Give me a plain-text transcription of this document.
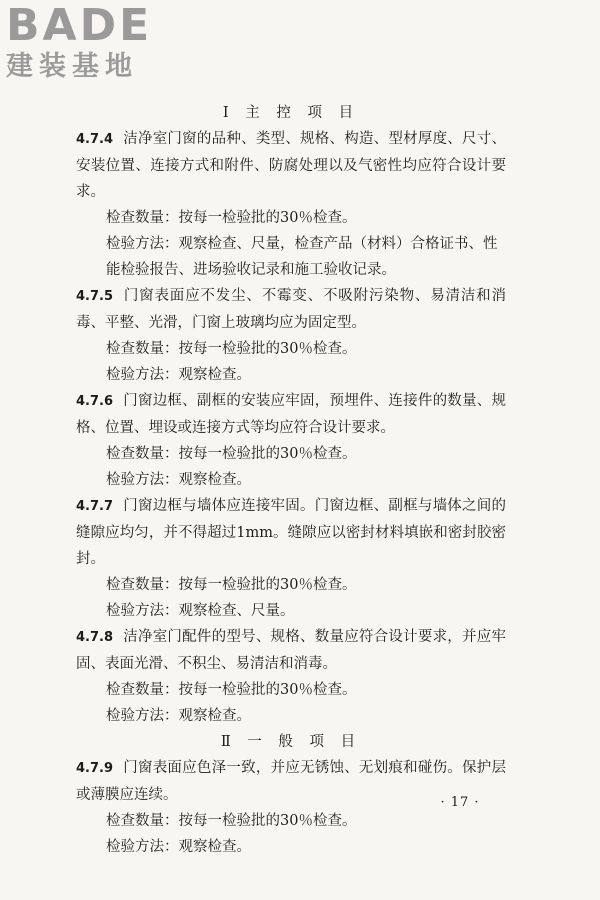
BADE
建装基地
Ⅰ 主 控 项 目

4.7.4 洁净室门窗的品种、类型、规格、构造、型材厚度、尺寸、安装位置、连接方式和附件、防腐处理以及气密性均应符合设计要求。

检查数量：按每一检验批的30％检查。

检验方法：观察检查、尺量，检查产品（材料）合格证书、性能检验报告、进场验收记录和施工验收记录。

4.7.5 门窗表面应不发尘、不霉变、不吸附污染物、易清洁和消毒、平整、光滑，门窗上玻璃均应为固定型。

检查数量：按每一检验批的30％检查。

检验方法：观察检查。

4.7.6 门窗边框、副框的安装应牢固，预埋件、连接件的数量、规格、位置、埋设或连接方式等均应符合设计要求。

检查数量：按每一检验批的30％检查。

检验方法：观察检查。

4.7.7 门窗边框与墙体应连接牢固。门窗边框、副框与墙体之间的缝隙应均匀，并不得超过1mm。缝隙应以密封材料填嵌和密封胶密封。

检查数量：按每一检验批的30％检查。

检验方法：观察检查、尺量。

4.7.8 洁净室门配件的型号、规格、数量应符合设计要求，并应牢固、表面光滑、不积尘、易清洁和消毒。

检查数量：按每一检验批的30％检查。

检验方法：观察检查。

Ⅱ 一 般 项 目

4.7.9 门窗表面应色泽一致，并应无锈蚀、无划痕和碰伤。保护层或薄膜应连续。

检查数量：按每一检验批的30％检查。

检验方法：观察检查。

· 17 ·
